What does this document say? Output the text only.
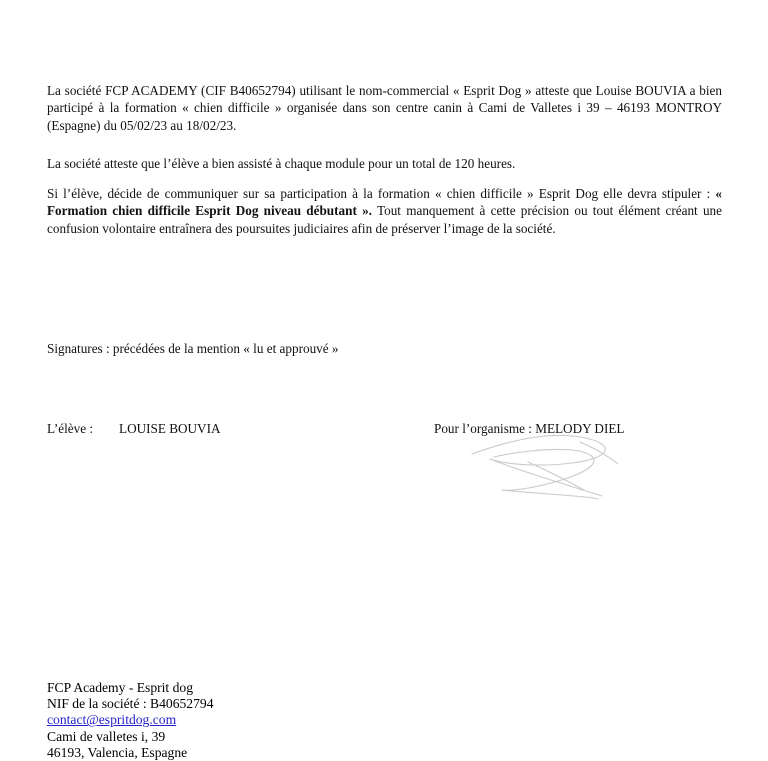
La société FCP ACADEMY (CIF B40652794) utilisant le nom-commercial « Esprit Dog » atteste que Louise BOUVIA a bien participé à la formation « chien difficile » organisée dans son centre canin à Cami de Valletes i 39 – 46193 MONTROY (Espagne) du 05/02/23 au 18/02/23.

La société atteste que l’élève a bien assisté à chaque module pour un total de 120 heures.

Si l’élève, décide de communiquer sur sa participation à la formation « chien difficile » Esprit Dog elle devra stipuler : « Formation chien difficile Esprit Dog niveau débutant ». Tout manquement à cette précision ou tout élément créant une confusion volontaire entraînera des poursuites judiciaires afin de préserver l’image de la société.

Signatures : précédées de la mention « lu et approuvé »

L’élève : LOUISE BOUVIA	Pour l’organisme : MELODY DIEL
FCP Academy - Esprit dog
NIF de la société : B40652794
contact@espritdog.com
Cami de valletes i, 39
46193, Valencia, Espagne
